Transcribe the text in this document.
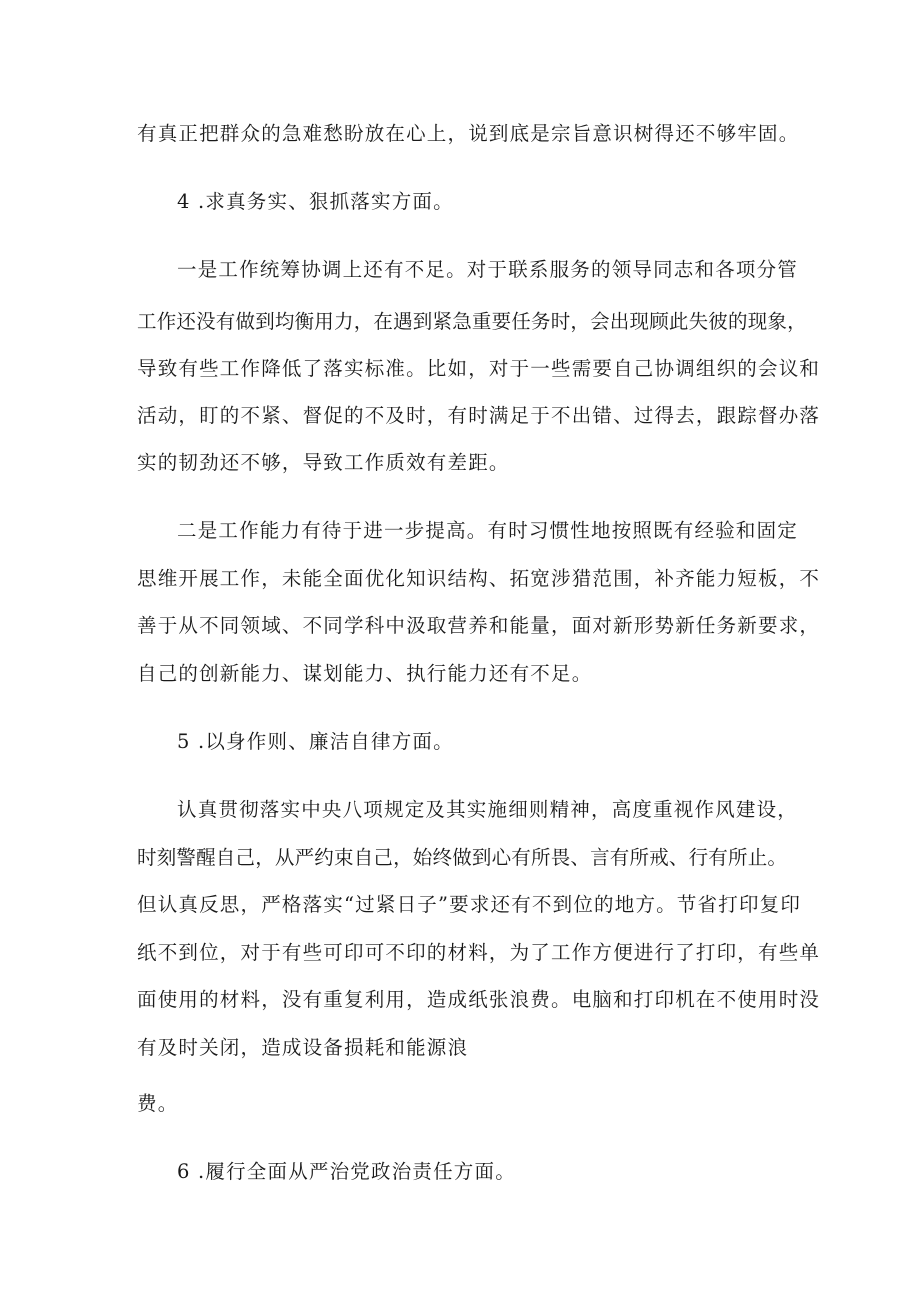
有真正把群众的急难愁盼放在心上，说到底是宗旨意识树得还不够牢固。
4 .求真务实、狠抓落实方面。
一是工作统筹协调上还有不足。对于联系服务的领导同志和各项分管
工作还没有做到均衡用力，在遇到紧急重要任务时，会出现顾此失彼的现象，
导致有些工作降低了落实标准。比如，对于一些需要自己协调组织的会议和
活动，盯的不紧、督促的不及时，有时满足于不出错、过得去，跟踪督办落
实的韧劲还不够，导致工作质效有差距。
二是工作能力有待于进一步提高。有时习惯性地按照既有经验和固定
思维开展工作，未能全面优化知识结构、拓宽涉猎范围，补齐能力短板，不
善于从不同领域、不同学科中汲取营养和能量，面对新形势新任务新要求，
自己的创新能力、谋划能力、执行能力还有不足。
5 .以身作则、廉洁自律方面。
认真贯彻落实中央八项规定及其实施细则精神，高度重视作风建设，
时刻警醒自己，从严约束自己，始终做到心有所畏、言有所戒、行有所止。
但认真反思，严格落实“过紧日子”要求还有不到位的地方。节省打印复印
纸不到位，对于有些可印可不印的材料，为了工作方便进行了打印，有些单
面使用的材料，没有重复利用，造成纸张浪费。电脑和打印机在不使用时没
有及时关闭，造成设备损耗和能源浪
费。
6 .履行全面从严治党政治责任方面。
